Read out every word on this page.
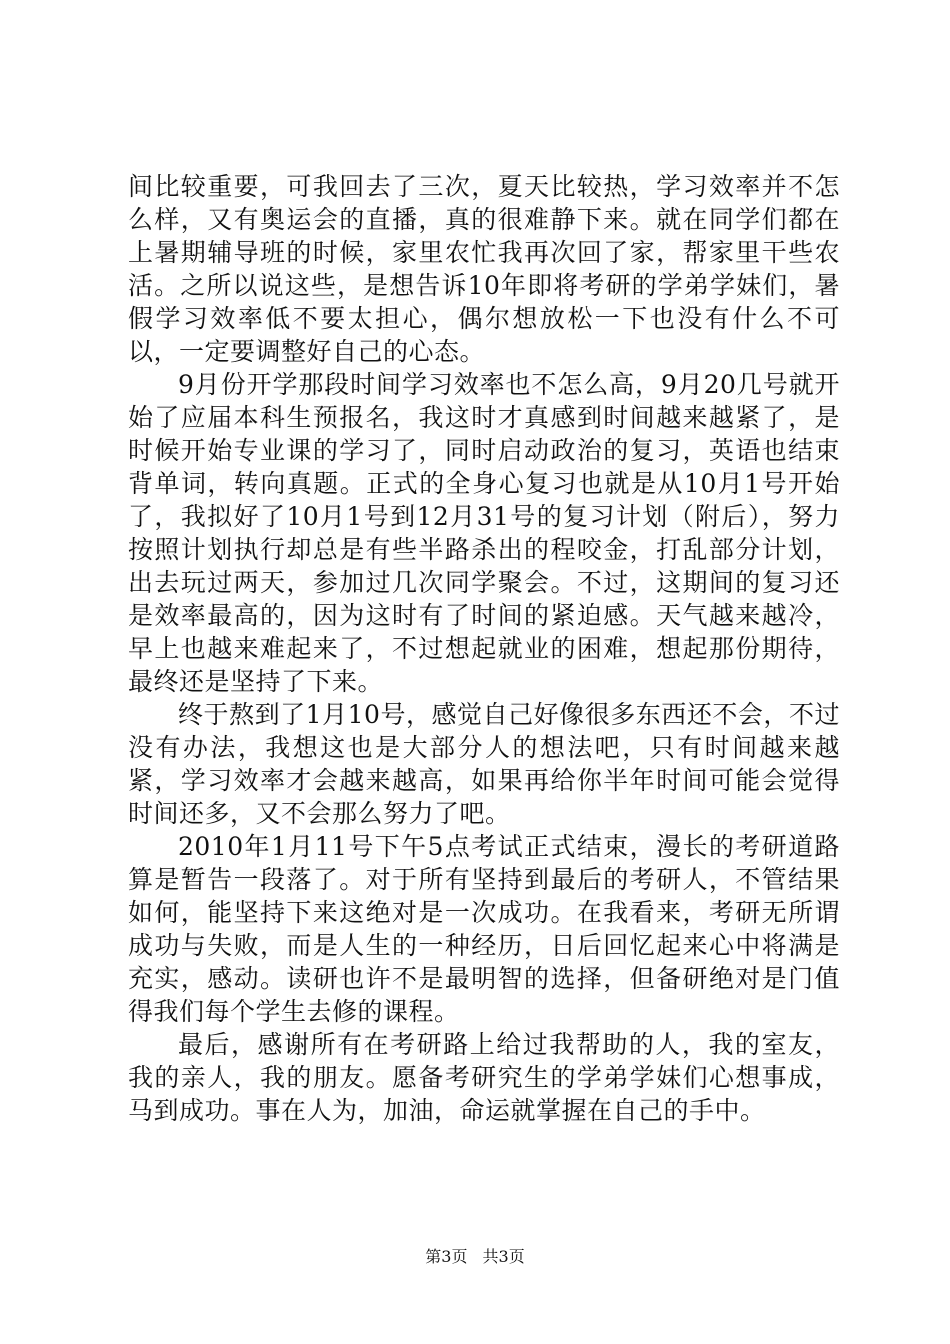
间比较重要，可我回去了三次，夏天比较热，学习效率并不怎么样，又有奥运会的直播，真的很难静下来。就在同学们都在上暑期辅导班的时候，家里农忙我再次回了家，帮家里干些农活。之所以说这些，是想告诉10年即将考研的学弟学妹们，暑假学习效率低不要太担心，偶尔想放松一下也没有什么不可以，一定要调整好自己的心态。

9月份开学那段时间学习效率也不怎么高，9月20几号就开始了应届本科生预报名，我这时才真感到时间越来越紧了，是时候开始专业课的学习了，同时启动政治的复习，英语也结束背单词，转向真题。正式的全身心复习也就是从10月1号开始了，我拟好了10月1号到12月31号的复习计划（附后），努力按照计划执行却总是有些半路杀出的程咬金，打乱部分计划，出去玩过两天，参加过几次同学聚会。不过，这期间的复习还是效率最高的，因为这时有了时间的紧迫感。天气越来越冷，早上也越来难起来了，不过想起就业的困难，想起那份期待，最终还是坚持了下来。

终于熬到了1月10号，感觉自己好像很多东西还不会，不过没有办法，我想这也是大部分人的想法吧，只有时间越来越紧，学习效率才会越来越高，如果再给你半年时间可能会觉得时间还多，又不会那么努力了吧。

2010年1月11号下午5点考试正式结束，漫长的考研道路算是暂告一段落了。对于所有坚持到最后的考研人，不管结果如何，能坚持下来这绝对是一次成功。在我看来，考研无所谓成功与失败，而是人生的一种经历，日后回忆起来心中将满是充实，感动。读研也许不是最明智的选择，但备研绝对是门值得我们每个学生去修的课程。

最后，感谢所有在考研路上给过我帮助的人，我的室友，我的亲人，我的朋友。愿备考研究生的学弟学妹们心想事成，马到成功。事在人为，加油，命运就掌握在自己的手中。

第3页 共3页
